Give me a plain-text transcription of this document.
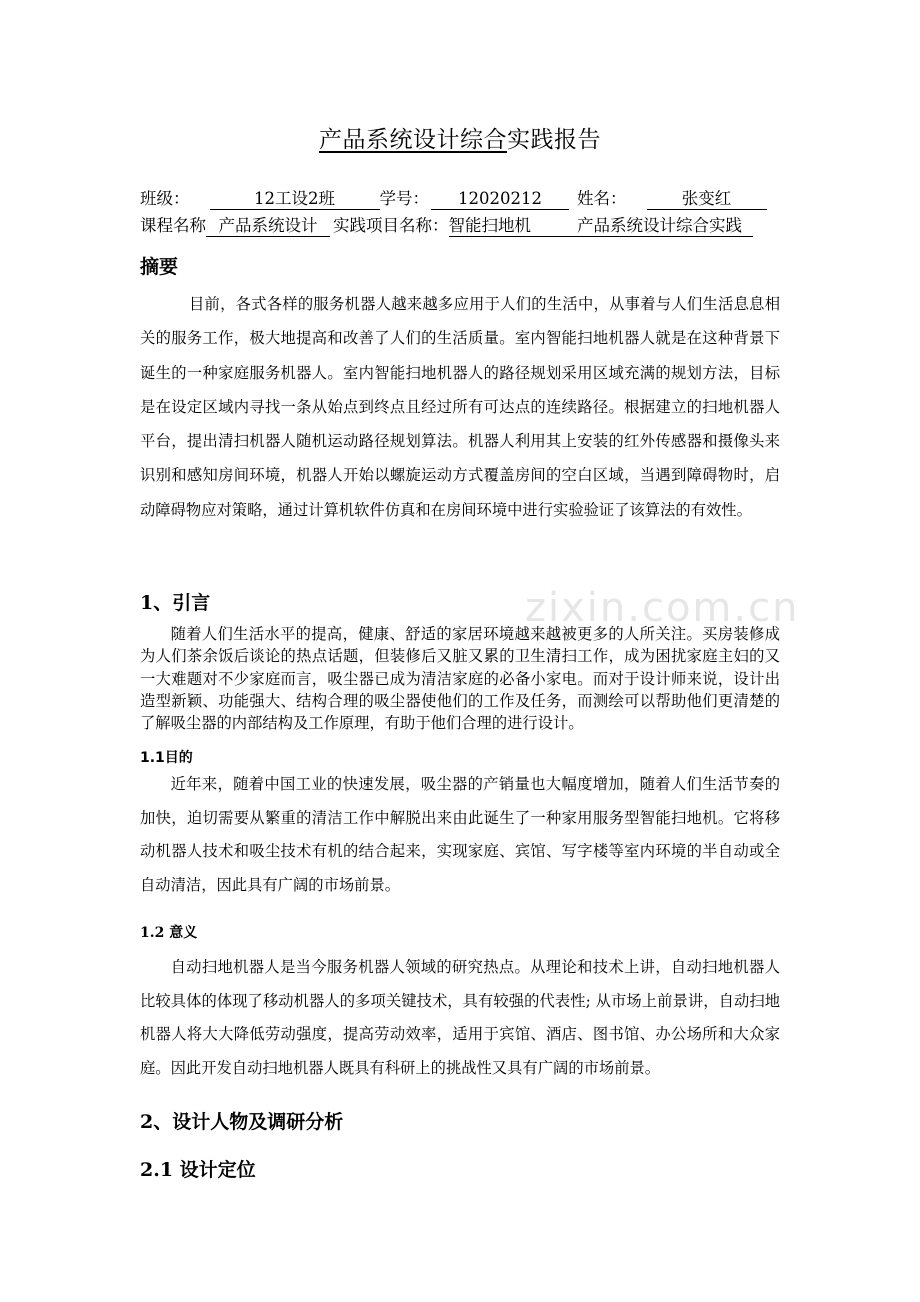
产品系统设计综合实践报告
班级：	12工设2班	学号： 12020212 姓名：	张变红
课程名称 产品系统设计 实践项目名称：智能扫地机	产品系统设计综合实践
摘要

目前，各式各样的服务机器人越来越多应用于人们的生活中，从事着与人们生活息息相关的服务工作，极大地提高和改善了人们的生活质量。室内智能扫地机器人就是在这种背景下诞生的一种家庭服务机器人。室内智能扫地机器人的路径规划采用区域充满的规划方法，目标是在设定区域内寻找一条从始点到终点且经过所有可达点的连续路径。根据建立的扫地机器人平台，提出清扫机器人随机运动路径规划算法。机器人利用其上安装的红外传感器和摄像头来识别和感知房间环境，机器人开始以螺旋运动方式覆盖房间的空白区域，当遇到障碍物时，启动障碍物应对策略，通过计算机软件仿真和在房间环境中进行实验验证了该算法的有效性。

1、引言

随着人们生活水平的提高，健康、舒适的家居环境越来越被更多的人所关注。买房装修成为人们茶余饭后谈论的热点话题，但装修后又脏又累的卫生清扫工作，成为困扰家庭主妇的又一大难题对不少家庭而言，吸尘器已成为清洁家庭的必备小家电。而对于设计师来说，设计出造型新颖、功能强大、结构合理的吸尘器使他们的工作及任务，而测绘可以帮助他们更清楚的了解吸尘器的内部结构及工作原理，有助于他们合理的进行设计。

1.1目的

近年来，随着中国工业的快速发展，吸尘器的产销量也大幅度增加，随着人们生活节奏的加快，迫切需要从繁重的清洁工作中解脱出来由此诞生了一种家用服务型智能扫地机。它将移动机器人技术和吸尘技术有机的结合起来，实现家庭、宾馆、写字楼等室内环境的半自动或全自动清洁，因此具有广阔的市场前景。

1.2 意义

自动扫地机器人是当今服务机器人领域的研究热点。从理论和技术上讲，自动扫地机器人比较具体的体现了移动机器人的多项关键技术，具有较强的代表性; 从市场上前景讲，自动扫地机器人将大大降低劳动强度，提高劳动效率，适用于宾馆、酒店、图书馆、办公场所和大众家庭。因此开发自动扫地机器人既具有科研上的挑战性又具有广阔的市场前景。

2、设计人物及调研分析
2.1 设计定位
zixin.com.cn
